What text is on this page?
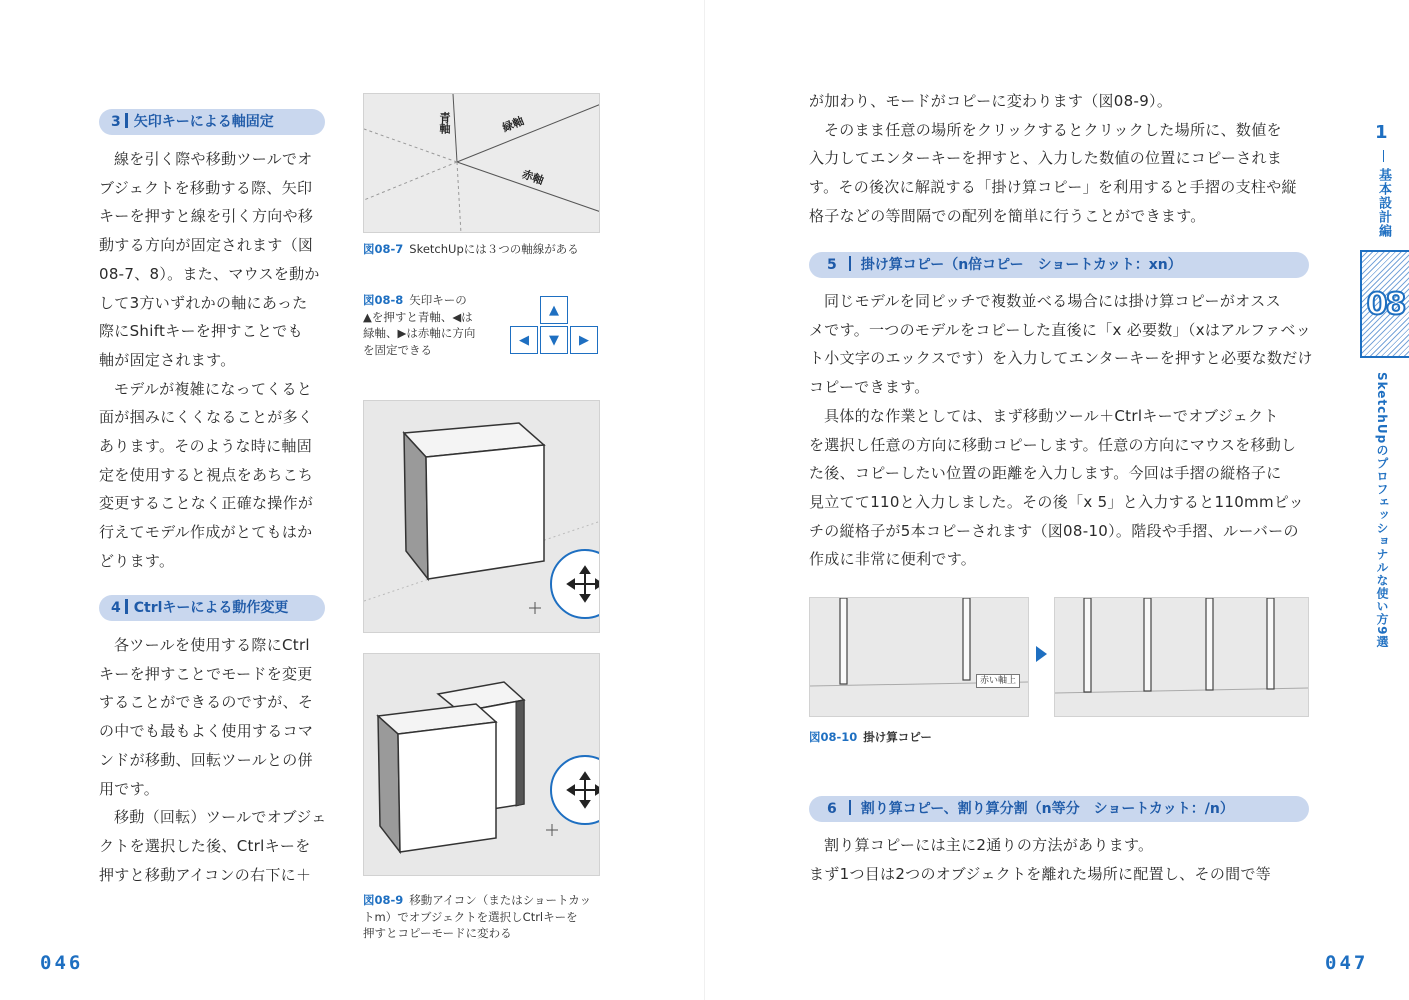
3 矢印キーによる軸固定

線を引く際や移動ツールでオ
ブジェクトを移動する際、矢印
キーを押すと線を引く方向や移
動する方向が固定されます（図
08-7、8）。また、マウスを動か
して3方いずれかの軸にあった
際にShiftキーを押すことでも
軸が固定されます。

モデルが複雑になってくると
面が掴みにくくなることが多く
あります。そのような時に軸固
定を使用すると視点をあちこち
変更することなく正確な操作が
行えてモデル作成がとてもはか
どります。

4 Ctrlキーによる動作変更

各ツールを使用する際にCtrl
キーを押すことでモードを変更
することができるのですが、そ
の中でも最もよく使用するコマ
ンドが移動、回転ツールとの併
用です。

移動（回転）ツールでオブジェ
クトを選択した後、Ctrlキーを
押すと移動アイコンの右下に＋

青軸	緑軸
赤軸
図08-7 SketchUpには３つの軸線がある
図08-8 矢印キーの
▲を押すと青軸、◀は
緑軸、▶は赤軸に方向
を固定できる
▲
◀	▼	▶
図08-9 移動アイコン（またはショートカッ
トm）でオブジェクトを選択しCtrlキーを
押すとコピーモードに変わる
046

が加わり、モードがコピーに変わります（図08-9）。

そのまま任意の場所をクリックするとクリックした場所に、数値を
入力してエンターキーを押すと、入力した数値の位置にコピーされま
す。その後次に解説する「掛け算コピー」を利用すると手摺の支柱や縦
格子などの等間隔での配列を簡単に行うことができます。

5 掛け算コピー（n倍コピー　ショートカット：xn）

同じモデルを同ピッチで複数並べる場合には掛け算コピーがオスス
メです。一つのモデルをコピーした直後に「x 必要数」（xはアルファベッ
ト小文字のエックスです）を入力してエンターキーを押すと必要な数だけ
コピーできます。

具体的な作業としては、まず移動ツール＋Ctrlキーでオブジェクト
を選択し任意の方向に移動コピーします。任意の方向にマウスを移動し
た後、コピーしたい位置の距離を入力します。今回は手摺の縦格子に
見立てて110と入力しました。その後「x 5」と入力すると110mmピッ
チの縦格子が5本コピーされます（図08-10）。階段や手摺、ルーバーの
作成に非常に便利です。

赤い軸上
図08-10 掛け算コピー
6 割り算コピー、割り算分割（n等分　ショートカット：/n）

割り算コピーには主に2通りの方法があります。
まず1つ目は2つのオブジェクトを離れた場所に配置し、その間で等

047
1
基本設計編
08
SketchUpのプロフェッショナルな使い方9選
